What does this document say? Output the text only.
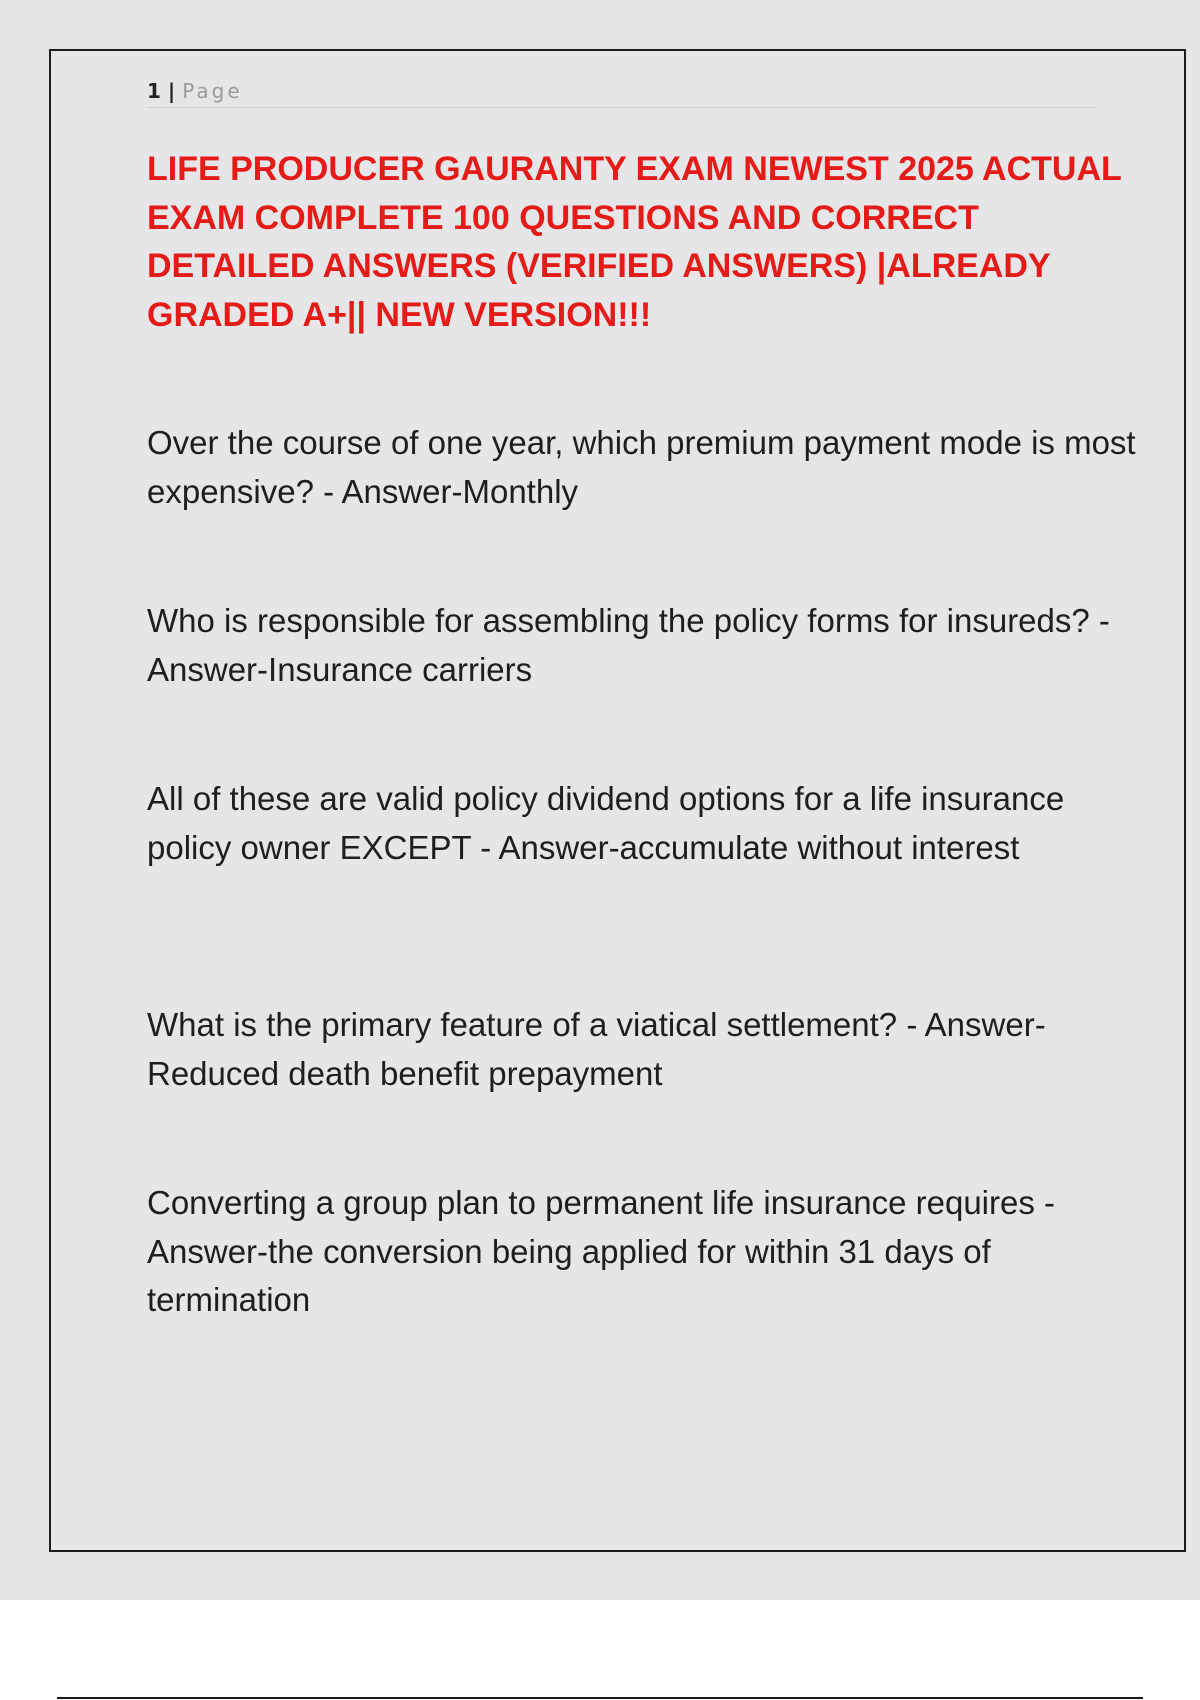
1 | Page
LIFE PRODUCER GAURANTY EXAM NEWEST 2025 ACTUAL EXAM COMPLETE 100 QUESTIONS AND CORRECT DETAILED ANSWERS (VERIFIED ANSWERS) |ALREADY GRADED A+|| NEW VERSION!!!

Over the course of one year, which premium payment mode is most expensive? - Answer-Monthly

Who is responsible for assembling the policy forms for insureds? - Answer-Insurance carriers

All of these are valid policy dividend options for a life insurance policy owner EXCEPT - Answer-accumulate without interest

What is the primary feature of a viatical settlement? - Answer-Reduced death benefit prepayment

Converting a group plan to permanent life insurance requires - Answer-the conversion being applied for within 31 days of termination
